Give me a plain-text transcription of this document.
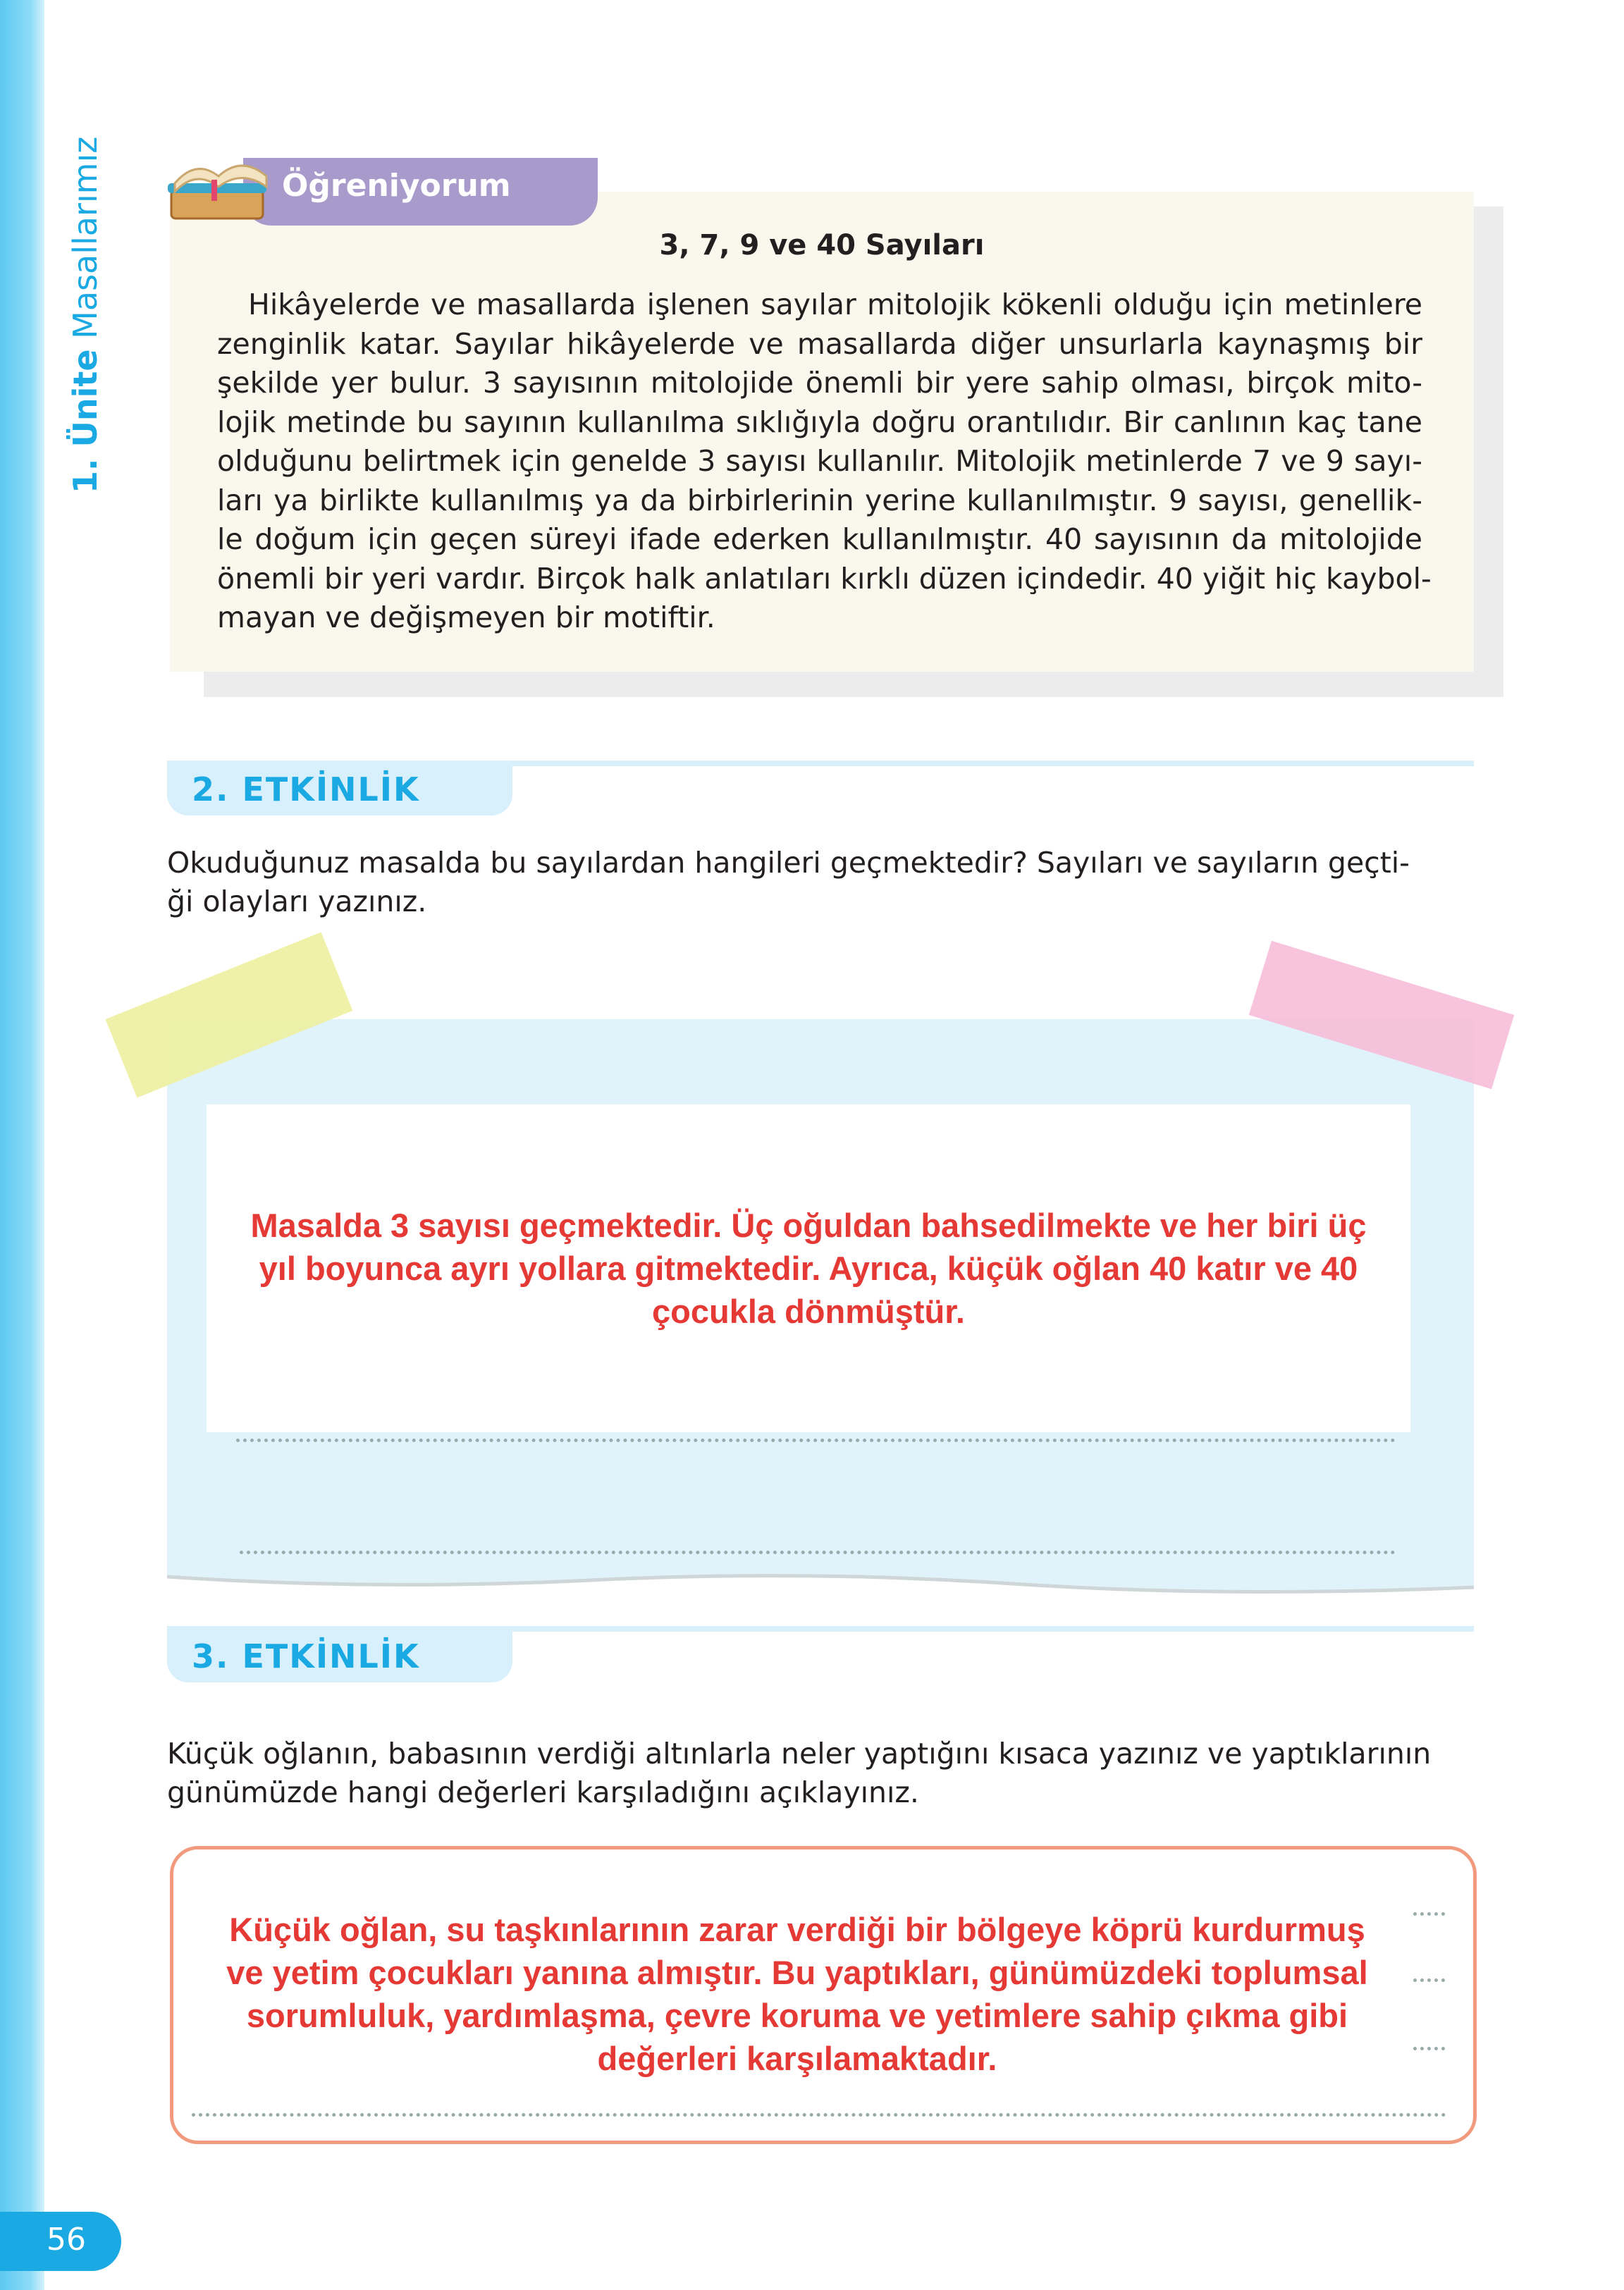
1. Ünite Masallarımız	Öğreniyorum
3, 7, 9 ve 40 Sayıları
Hikâyelerde ve masallarda işlenen sayılar mitolojik kökenli olduğu için metinlere
zenginlik katar. Sayılar hikâyelerde ve masallarda diğer unsurlarla kaynaşmış bir
şekilde yer bulur. 3 sayısının mitolojide önemli bir yere sahip olması, birçok mito-
lojik metinde bu sayının kullanılma sıklığıyla doğru orantılıdır. Bir canlının kaç tane
olduğunu belirtmek için genelde 3 sayısı kullanılır. Mitolojik metinlerde 7 ve 9 sayı-
ları ya birlikte kullanılmış ya da birbirlerinin yerine kullanılmıştır. 9 sayısı, genellik-
le doğum için geçen süreyi ifade ederken kullanılmıştır. 40 sayısının da mitolojide
önemli bir yeri vardır. Birçok halk anlatıları kırklı düzen içindedir. 40 yiğit hiç kaybol-
mayan ve değişmeyen bir motiftir.
2. ETKİNLİK
Okuduğunuz masalda bu sayılardan hangileri geçmektedir? Sayıları ve sayıların geçti-
ği olayları yazınız.
Masalda 3 sayısı geçmektedir. Üç oğuldan bahsedilmekte ve her biri üç
yıl boyunca ayrı yollara gitmektedir. Ayrıca, küçük oğlan 40 katır ve 40
çocukla dönmüştür.
3. ETKİNLİK
Küçük oğlanın, babasının verdiği altınlarla neler yaptığını kısaca yazınız ve yaptıklarının
günümüzde hangi değerleri karşıladığını açıklayınız.
Küçük oğlan, su taşkınlarının zarar verdiği bir bölgeye köprü kurdurmuş
ve yetim çocukları yanına almıştır. Bu yaptıkları, günümüzdeki toplumsal
sorumluluk, yardımlaşma, çevre koruma ve yetimlere sahip çıkma gibi
değerleri karşılamaktadır.
56
